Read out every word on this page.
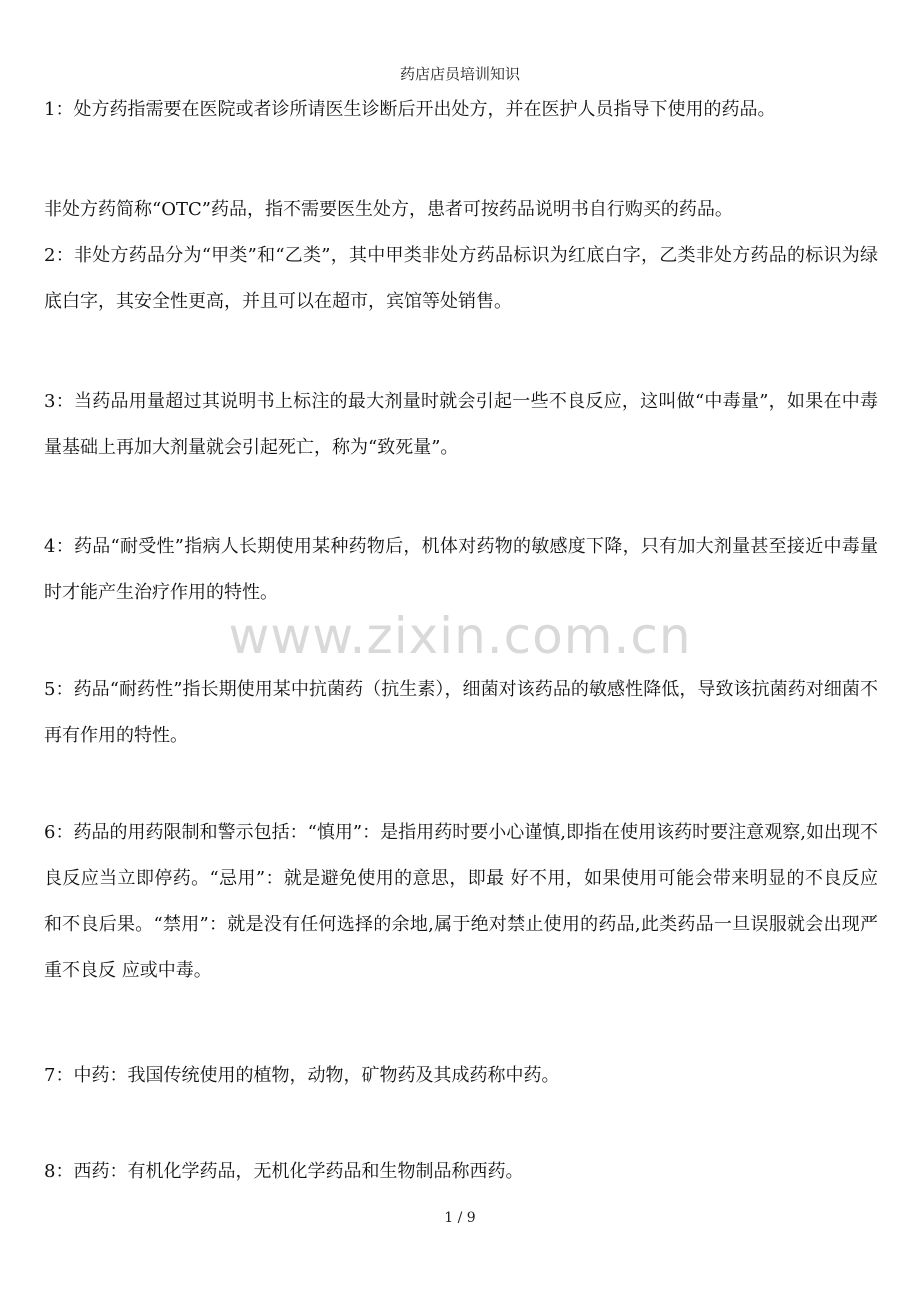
药店店员培训知识

1：处方药指需要在医院或者诊所请医生诊断后开出处方，并在医护人员指导下使用的药品。

非处方药简称“OTC”药品，指不需要医生处方，患者可按药品说明书自行购买的药品。

2：非处方药品分为“甲类”和“乙类”，其中甲类非处方药品标识为红底白字，乙类非处方药品的标识为绿底白字，其安全性更高，并且可以在超市，宾馆等处销售。

3：当药品用量超过其说明书上标注的最大剂量时就会引起一些不良反应，这叫做“中毒量”，如果在中毒量基础上再加大剂量就会引起死亡，称为“致死量”。

4：药品“耐受性”指病人长期使用某种药物后，机体对药物的敏感度下降，只有加大剂量甚至接近中毒量时才能产生治疗作用的特性。

www.zixin.com.cn

5：药品“耐药性”指长期使用某中抗菌药（抗生素），细菌对该药品的敏感性降低，导致该抗菌药对细菌不再有作用的特性。

6：药品的用药限制和警示包括：“慎用”：是指用药时要小心谨慎,即指在使用该药时要注意观察,如出现不良反应当立即停药。“忌用”：就是避免使用的意思，即最 好不用，如果使用可能会带来明显的不良反应和不良后果。“禁用”：就是没有任何选择的余地,属于绝对禁止使用的药品,此类药品一旦误服就会出现严重不良反 应或中毒。

7：中药：我国传统使用的植物，动物，矿物药及其成药称中药。

8：西药：有机化学药品，无机化学药品和生物制品称西药。

1 / 9
